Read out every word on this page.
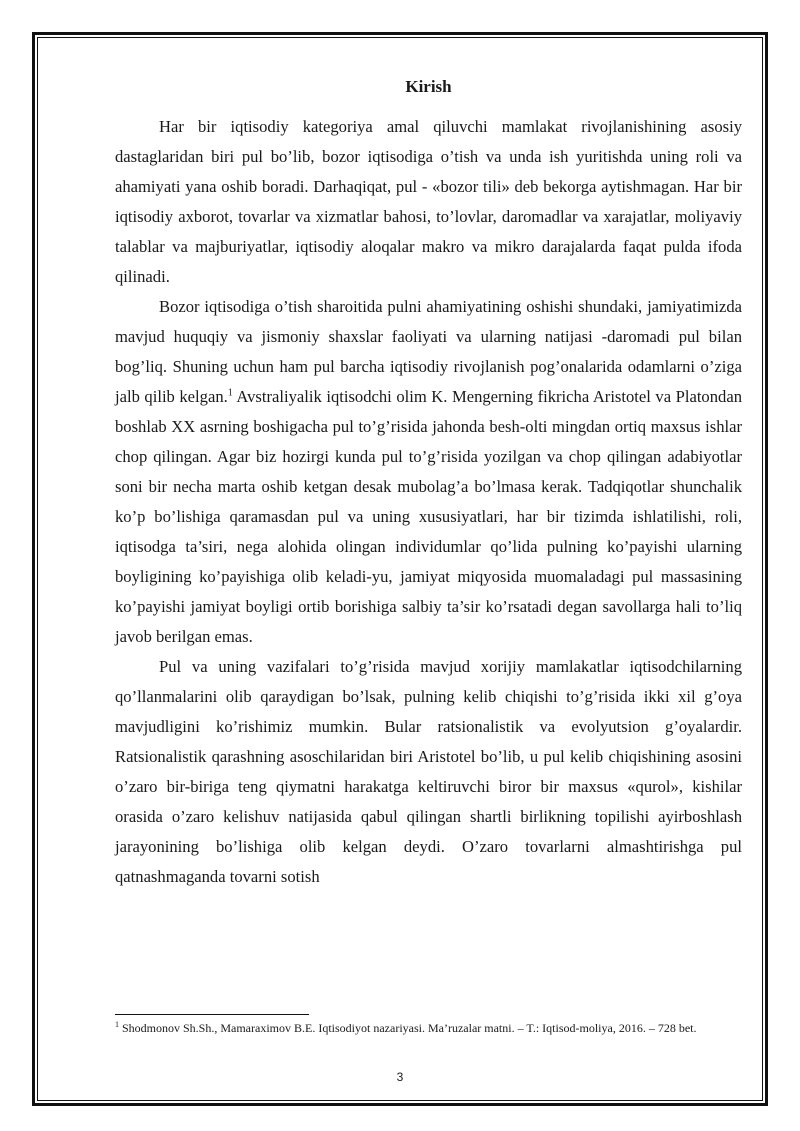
Kirish

Har bir iqtisodiy kategoriya amal qiluvchi mamlakat rivojlanishining asosiy dastaglaridan biri pul bo’lib, bozor iqtisodiga o’tish va unda ish yuritishda uning roli va ahamiyati yana oshib boradi. Darhaqiqat, pul - «bozor tili» deb bekorga aytishmagan. Har bir iqtisodiy axborot, tovarlar va xizmatlar bahosi, to’lovlar, daromadlar va xarajatlar, moliyaviy talablar va majburiyatlar, iqtisodiy aloqalar makro va mikro darajalarda faqat pulda ifoda qilinadi.

Bozor iqtisodiga o’tish sharoitida pulni ahamiyatining oshishi shundaki, jamiyatimizda mavjud huquqiy va jismoniy shaxslar faoliyati va ularning natijasi -daromadi pul bilan bog’liq. Shuning uchun ham pul barcha iqtisodiy rivojlanish pog’onalarida odamlarni o’ziga jalb qilib kelgan.$^1$ Avstraliyalik iqtisodchi olim K. Mengerning fikricha Aristotel va Platondan boshlab XX asrning boshigacha pul to’g’risida jahonda besh-olti mingdan ortiq maxsus ishlar chop qilingan. Agar biz hozirgi kunda pul to’g’risida yozilgan va chop qilingan adabiyotlar soni bir necha marta oshib ketgan desak mubolag’a bo’lmasa kerak. Tadqiqotlar shunchalik ko’p bo’lishiga qaramasdan pul va uning xususiyatlari, har bir tizimda ishlatilishi, roli, iqtisodga ta’siri, nega alohida olingan individumlar qo’lida pulning ko’payishi ularning boyligining ko’payishiga olib keladi-yu, jamiyat miqyosida muomaladagi pul massasining ko’payishi jamiyat boyligi ortib borishiga salbiy ta’sir ko’rsatadi degan savollarga hali to’liq javob berilgan emas.

Pul va uning vazifalari to’g’risida mavjud xorijiy mamlakatlar iqtisodchilarning qo’llanmalarini olib qaraydigan bo’lsak, pulning kelib chiqishi to’g’risida ikki xil g’oya mavjudligini ko’rishimiz mumkin. Bular ratsionalistik va evolyutsion g’oyalardir. Ratsionalistik qarashning asoschilaridan biri Aristotel bo’lib, u pul kelib chiqishining asosini o’zaro bir-biriga teng qiymatni harakatga keltiruvchi biror bir maxsus «qurol», kishilar orasida o’zaro kelishuv natijasida qabul qilingan shartli birlikning topilishi ayirboshlash jarayonining bo’lishiga olib kelgan deydi. O’zaro tovarlarni almashtirishga pul qatnashmaganda tovarni sotish

$^1$ Shodmonov Sh.Sh., Mamaraximov B.E. Iqtisodiyot nazariyasi. Ma’ruzalar matni. – T.: Iqtisod-moliya, 2016. – 728 bet.
3
